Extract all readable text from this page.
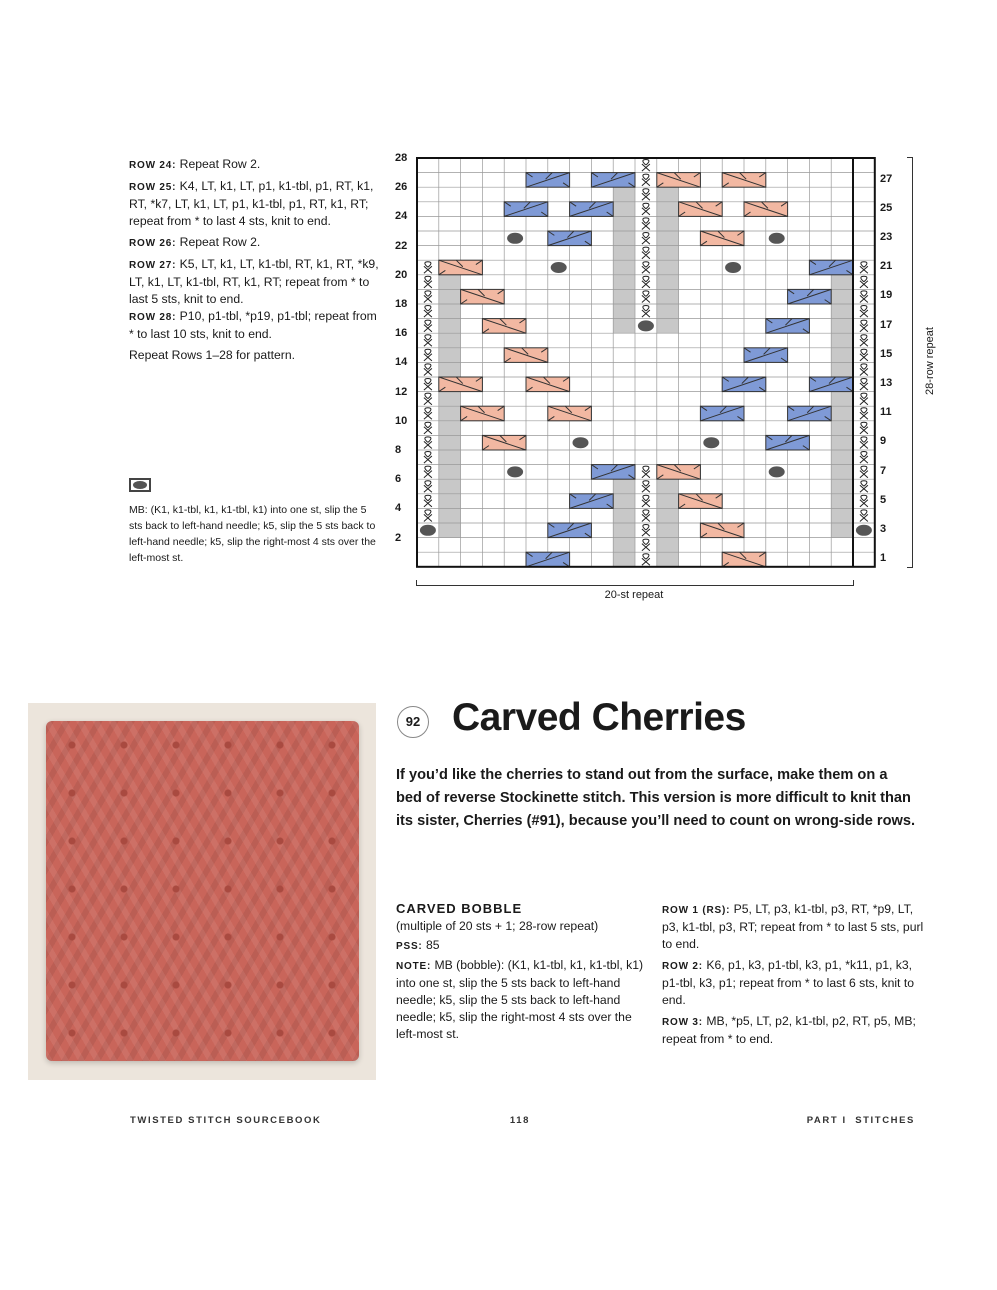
ROW 24: Repeat Row 2.

ROW 25: K4, LT, k1, LT, p1, k1-tbl, p1, RT, k1, RT, *k7, LT, k1, LT, p1, k1-tbl, p1, RT, k1, RT; repeat from * to last 4 sts, knit to end.

ROW 26: Repeat Row 2.

ROW 27: K5, LT, k1, LT, k1-tbl, RT, k1, RT, *k9, LT, k1, LT, k1-tbl, RT, k1, RT; repeat from * to last 5 sts, knit to end.

ROW 28: P10, p1-tbl, *p19, p1-tbl; repeat from * to last 10 sts, knit to end.

Repeat Rows 1–28 for pattern.

MB: (K1, k1-tbl, k1, k1-tbl, k1) into one st, slip the 5 sts back to left-hand needle; k5, slip the 5 sts back to left-hand needle; k5, slip the right-most 4 sts over the left-most st.
2
4
6
8
10
12
14
16
18
20
22
24
26
28
1
3
5
7
9
11
13
15
17
19
21
23
25
27
20-st repeat
28-row repeat
92 Carved Cherries
If you’d like the cherries to stand out from the surface, make them on a bed of reverse Stockinette stitch. This version is more difficult to knit than its sister, Cherries (#91), because you’ll need to count on wrong-side rows.
CARVED BOBBLE

(multiple of 20 sts + 1; 28-row repeat)

PSS: 85

NOTE: MB (bobble): (K1, k1-tbl, k1, k1-tbl, k1) into one st, slip the 5 sts back to left-hand needle; k5, slip the 5 sts back to left-hand needle; k5, slip the right-most 4 sts over the left-most st.

ROW 1 (RS): P5, LT, p3, k1-tbl, p3, RT, *p9, LT, p3, k1-tbl, p3, RT; repeat from * to last 5 sts, purl to end.

ROW 2: K6, p1, k3, p1-tbl, k3, p1, *k11, p1, k3, p1-tbl, k3, p1; repeat from * to last 6 sts, knit to end.

ROW 3: MB, *p5, LT, p2, k1-tbl, p2, RT, p5, MB; repeat from * to end.

TWISTED STITCH SOURCEBOOK	118	PART I  STITCHES
